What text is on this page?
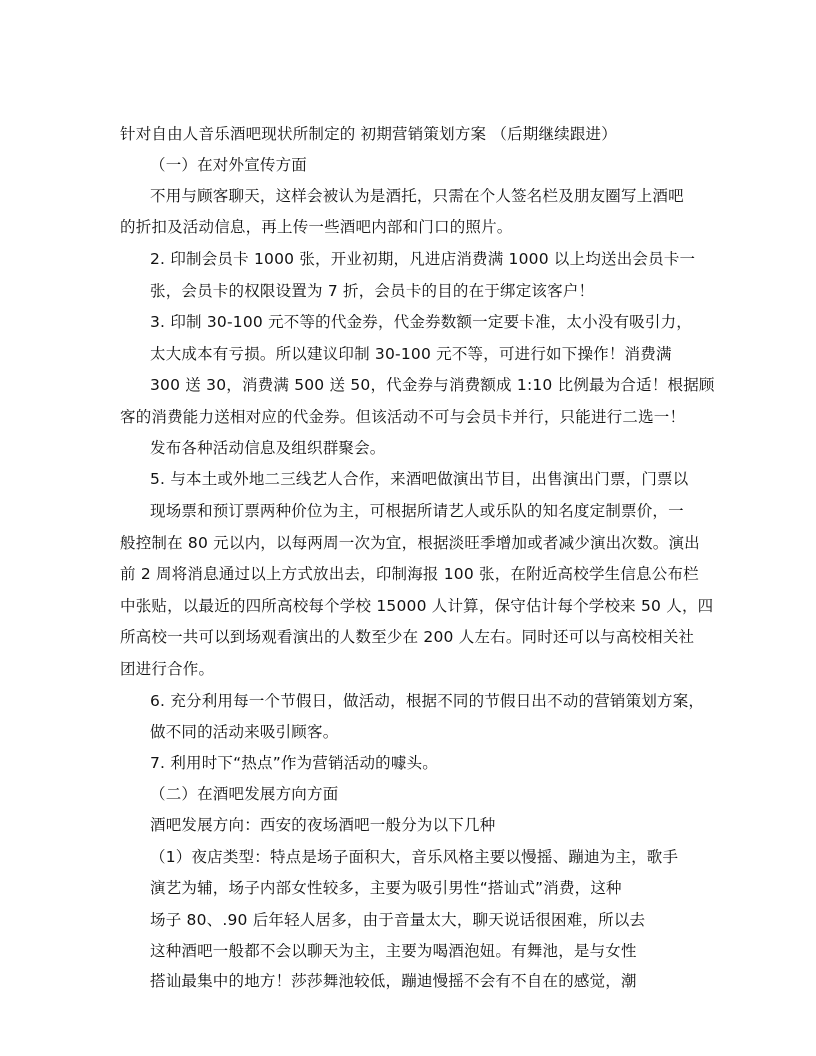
针对自由人音乐酒吧现状所制定的 初期营销策划方案 （后期继续跟进）
（一）在对外宣传方面
不用与顾客聊天，这样会被认为是酒托，只需在个人签名栏及朋友圈写上酒吧
的折扣及活动信息，再上传一些酒吧内部和门口的照片。
2. 印制会员卡 1000 张，开业初期，凡进店消费满 1000 以上均送出会员卡一
张，会员卡的权限设置为 7 折，会员卡的目的在于绑定该客户！
3. 印制 30-100 元不等的代金券，代金券数额一定要卡准，太小没有吸引力，
太大成本有亏损。所以建议印制 30-100 元不等，可进行如下操作！消费满
300 送 30，消费满 500 送 50，代金券与消费额成 1:10 比例最为合适！根据顾
客的消费能力送相对应的代金券。但该活动不可与会员卡并行，只能进行二选一！
发布各种活动信息及组织群聚会。
5. 与本土或外地二三线艺人合作，来酒吧做演出节目，出售演出门票，门票以
现场票和预订票两种价位为主，可根据所请艺人或乐队的知名度定制票价，一
般控制在 80 元以内，以每两周一次为宜，根据淡旺季增加或者减少演出次数。演出
前 2 周将消息通过以上方式放出去，印制海报 100 张，在附近高校学生信息公布栏
中张贴，以最近的四所高校每个学校 15000 人计算，保守估计每个学校来 50 人，四
所高校一共可以到场观看演出的人数至少在 200 人左右。同时还可以与高校相关社
团进行合作。
6. 充分利用每一个节假日，做活动，根据不同的节假日出不动的营销策划方案，
做不同的活动来吸引顾客。
7. 利用时下“热点”作为营销活动的噱头。
（二）在酒吧发展方向方面
酒吧发展方向：西安的夜场酒吧一般分为以下几种
（1）夜店类型：特点是场子面积大，音乐风格主要以慢摇、蹦迪为主，歌手
演艺为辅，场子内部女性较多，主要为吸引男性“搭讪式”消费，这种
场子 80、.90 后年轻人居多，由于音量太大，聊天说话很困难，所以去
这种酒吧一般都不会以聊天为主，主要为喝酒泡妞。有舞池，是与女性
搭讪最集中的地方！莎莎舞池较低，蹦迪慢摇不会有不自在的感觉，潮
